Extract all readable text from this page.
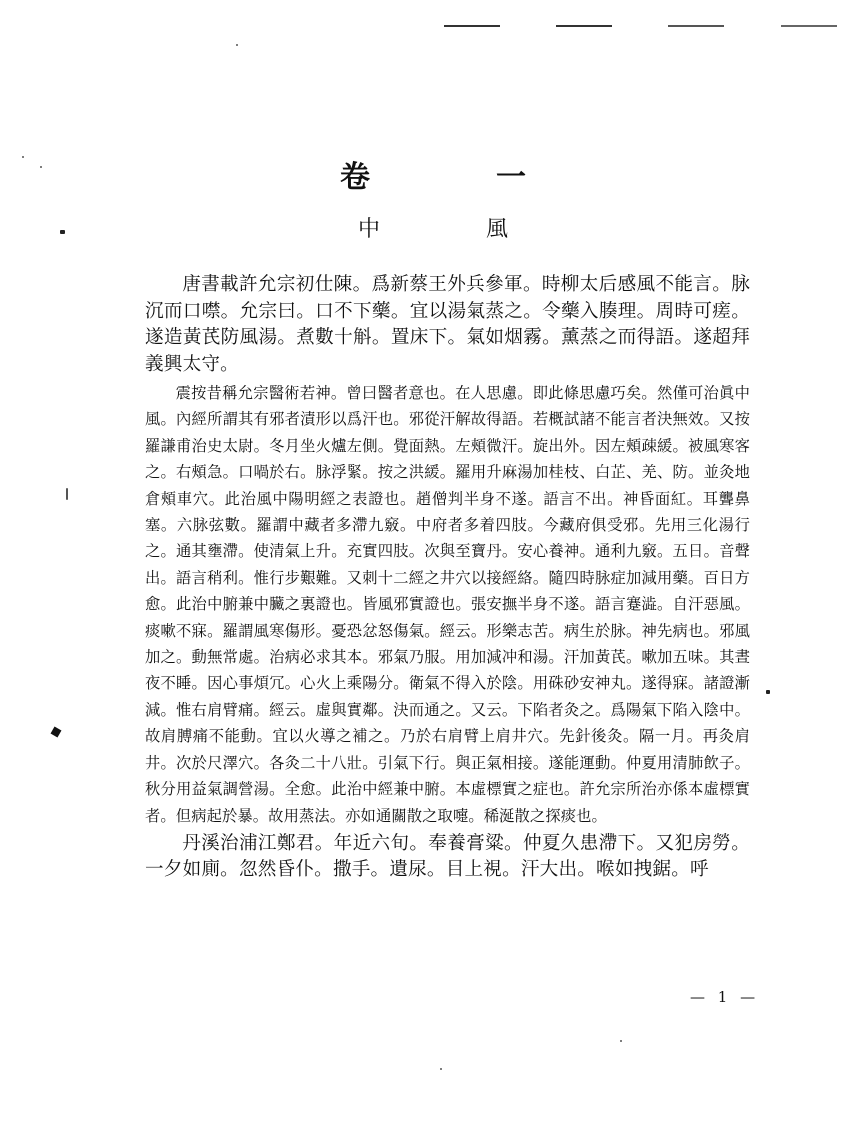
卷　一
中　風

唐書載許允宗初仕陳。爲新蔡王外兵參軍。時柳太后感風不能言。脉沉而口噤。允宗曰。口不下藥。宜以湯氣蒸之。令藥入腠理。周時可瘥。遂造黃芪防風湯。煮數十斛。置床下。氣如烟霧。薰蒸之而得語。遂超拜義興太守。

震按昔稱允宗醫術若神。曾曰醫者意也。在人思慮。即此條思慮巧矣。然僅可治眞中風。內經所謂其有邪者漬形以爲汗也。邪從汗解故得語。若概試諸不能言者決無效。又按羅謙甫治史太尉。冬月坐火爐左側。覺面熱。左頰微汗。旋出外。因左頰疎緩。被風寒客之。右頰急。口喎於右。脉浮緊。按之洪緩。羅用升麻湯加桂枝、白芷、羌、防。並灸地倉頰車穴。此治風中陽明經之表證也。趙僧判半身不遂。語言不出。神昏面紅。耳聾鼻塞。六脉弦數。羅謂中藏者多滯九竅。中府者多着四肢。今藏府俱受邪。先用三化湯行之。通其壅滯。使清氣上升。充實四肢。次與至寶丹。安心養神。通利九竅。五日。音聲出。語言稍利。惟行步艱難。又刺十二經之井穴以接經絡。隨四時脉症加減用藥。百日方愈。此治中腑兼中臟之裏證也。皆風邪實證也。張安撫半身不遂。語言蹇澁。自汗惡風。痰嗽不寐。羅謂風寒傷形。憂恐忿怒傷氣。經云。形樂志苦。病生於脉。神先病也。邪風加之。動無常處。治病必求其本。邪氣乃服。用加減冲和湯。汗加黃芪。嗽加五味。其晝夜不睡。因心事煩冗。心火上乘陽分。衛氣不得入於陰。用硃砂安神丸。遂得寐。諸證漸減。惟右肩臂痛。經云。虛與實鄰。決而通之。又云。下陷者灸之。爲陽氣下陷入陰中。故肩膊痛不能動。宜以火導之補之。乃於右肩臂上肩井穴。先針後灸。隔一月。再灸肩井。次於尺澤穴。各灸二十八壯。引氣下行。與正氣相接。遂能運動。仲夏用清肺飲子。秋分用益氣調營湯。全愈。此治中經兼中腑。本虛標實之症也。許允宗所治亦係本虛標實者。但病起於暴。故用蒸法。亦如通關散之取嚏。稀涎散之探痰也。

丹溪治浦江鄭君。年近六旬。奉養膏粱。仲夏久患滯下。又犯房勞。一夕如廁。忽然昏仆。撒手。遺尿。目上視。汗大出。喉如拽鋸。呼

— 1 —
